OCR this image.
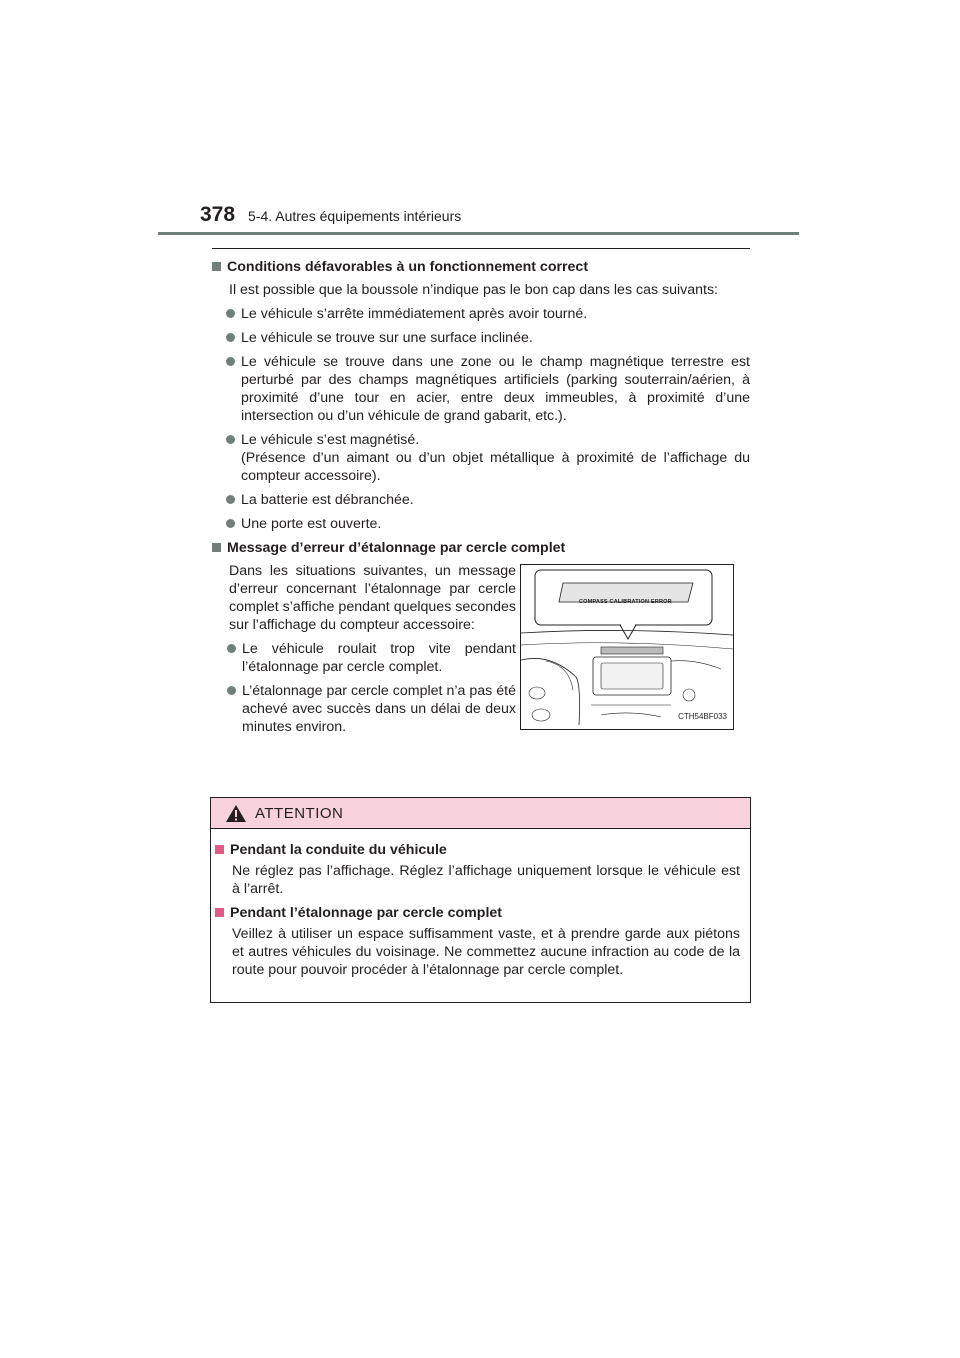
378 5-4. Autres équipements intérieurs
Conditions défavorables à un fonctionnement correct
Il est possible que la boussole n’indique pas le bon cap dans les cas suivants:
Le véhicule s’arrête immédiatement après avoir tourné.
Le véhicule se trouve sur une surface inclinée.
Le véhicule se trouve dans une zone ou le champ magnétique terrestre est perturbé par des champs magnétiques artificiels (parking souterrain/aérien, à proximité d’une tour en acier, entre deux immeubles, à proximité d’une intersection ou d’un véhicule de grand gabarit, etc.).
Le véhicule s’est magnétisé.
(Présence d’un aimant ou d’un objet métallique à proximité de l’affichage du compteur accessoire).
La batterie est débranchée.
Une porte est ouverte.
Message d’erreur d’étalonnage par cercle complet
Dans les situations suivantes, un message d’erreur concernant l’étalonnage par cercle complet s’affiche pendant quelques secondes sur l’affichage du compteur accessoire:
Le véhicule roulait trop vite pendant l’étalonnage par cercle complet.
L’étalonnage par cercle complet n’a pas été achevé avec succès dans un délai de deux minutes environ.
COMPASS CALIBRATION ERROR
CTH54BF033
ATTENTION
Pendant la conduite du véhicule
Ne réglez pas l’affichage. Réglez l’affichage uniquement lorsque le véhicule est à l’arrêt.
Pendant l’étalonnage par cercle complet
Veillez à utiliser un espace suffisamment vaste, et à prendre garde aux piétons et autres véhicules du voisinage. Ne commettez aucune infraction au code de la route pour pouvoir procéder à l’étalonnage par cercle complet.
